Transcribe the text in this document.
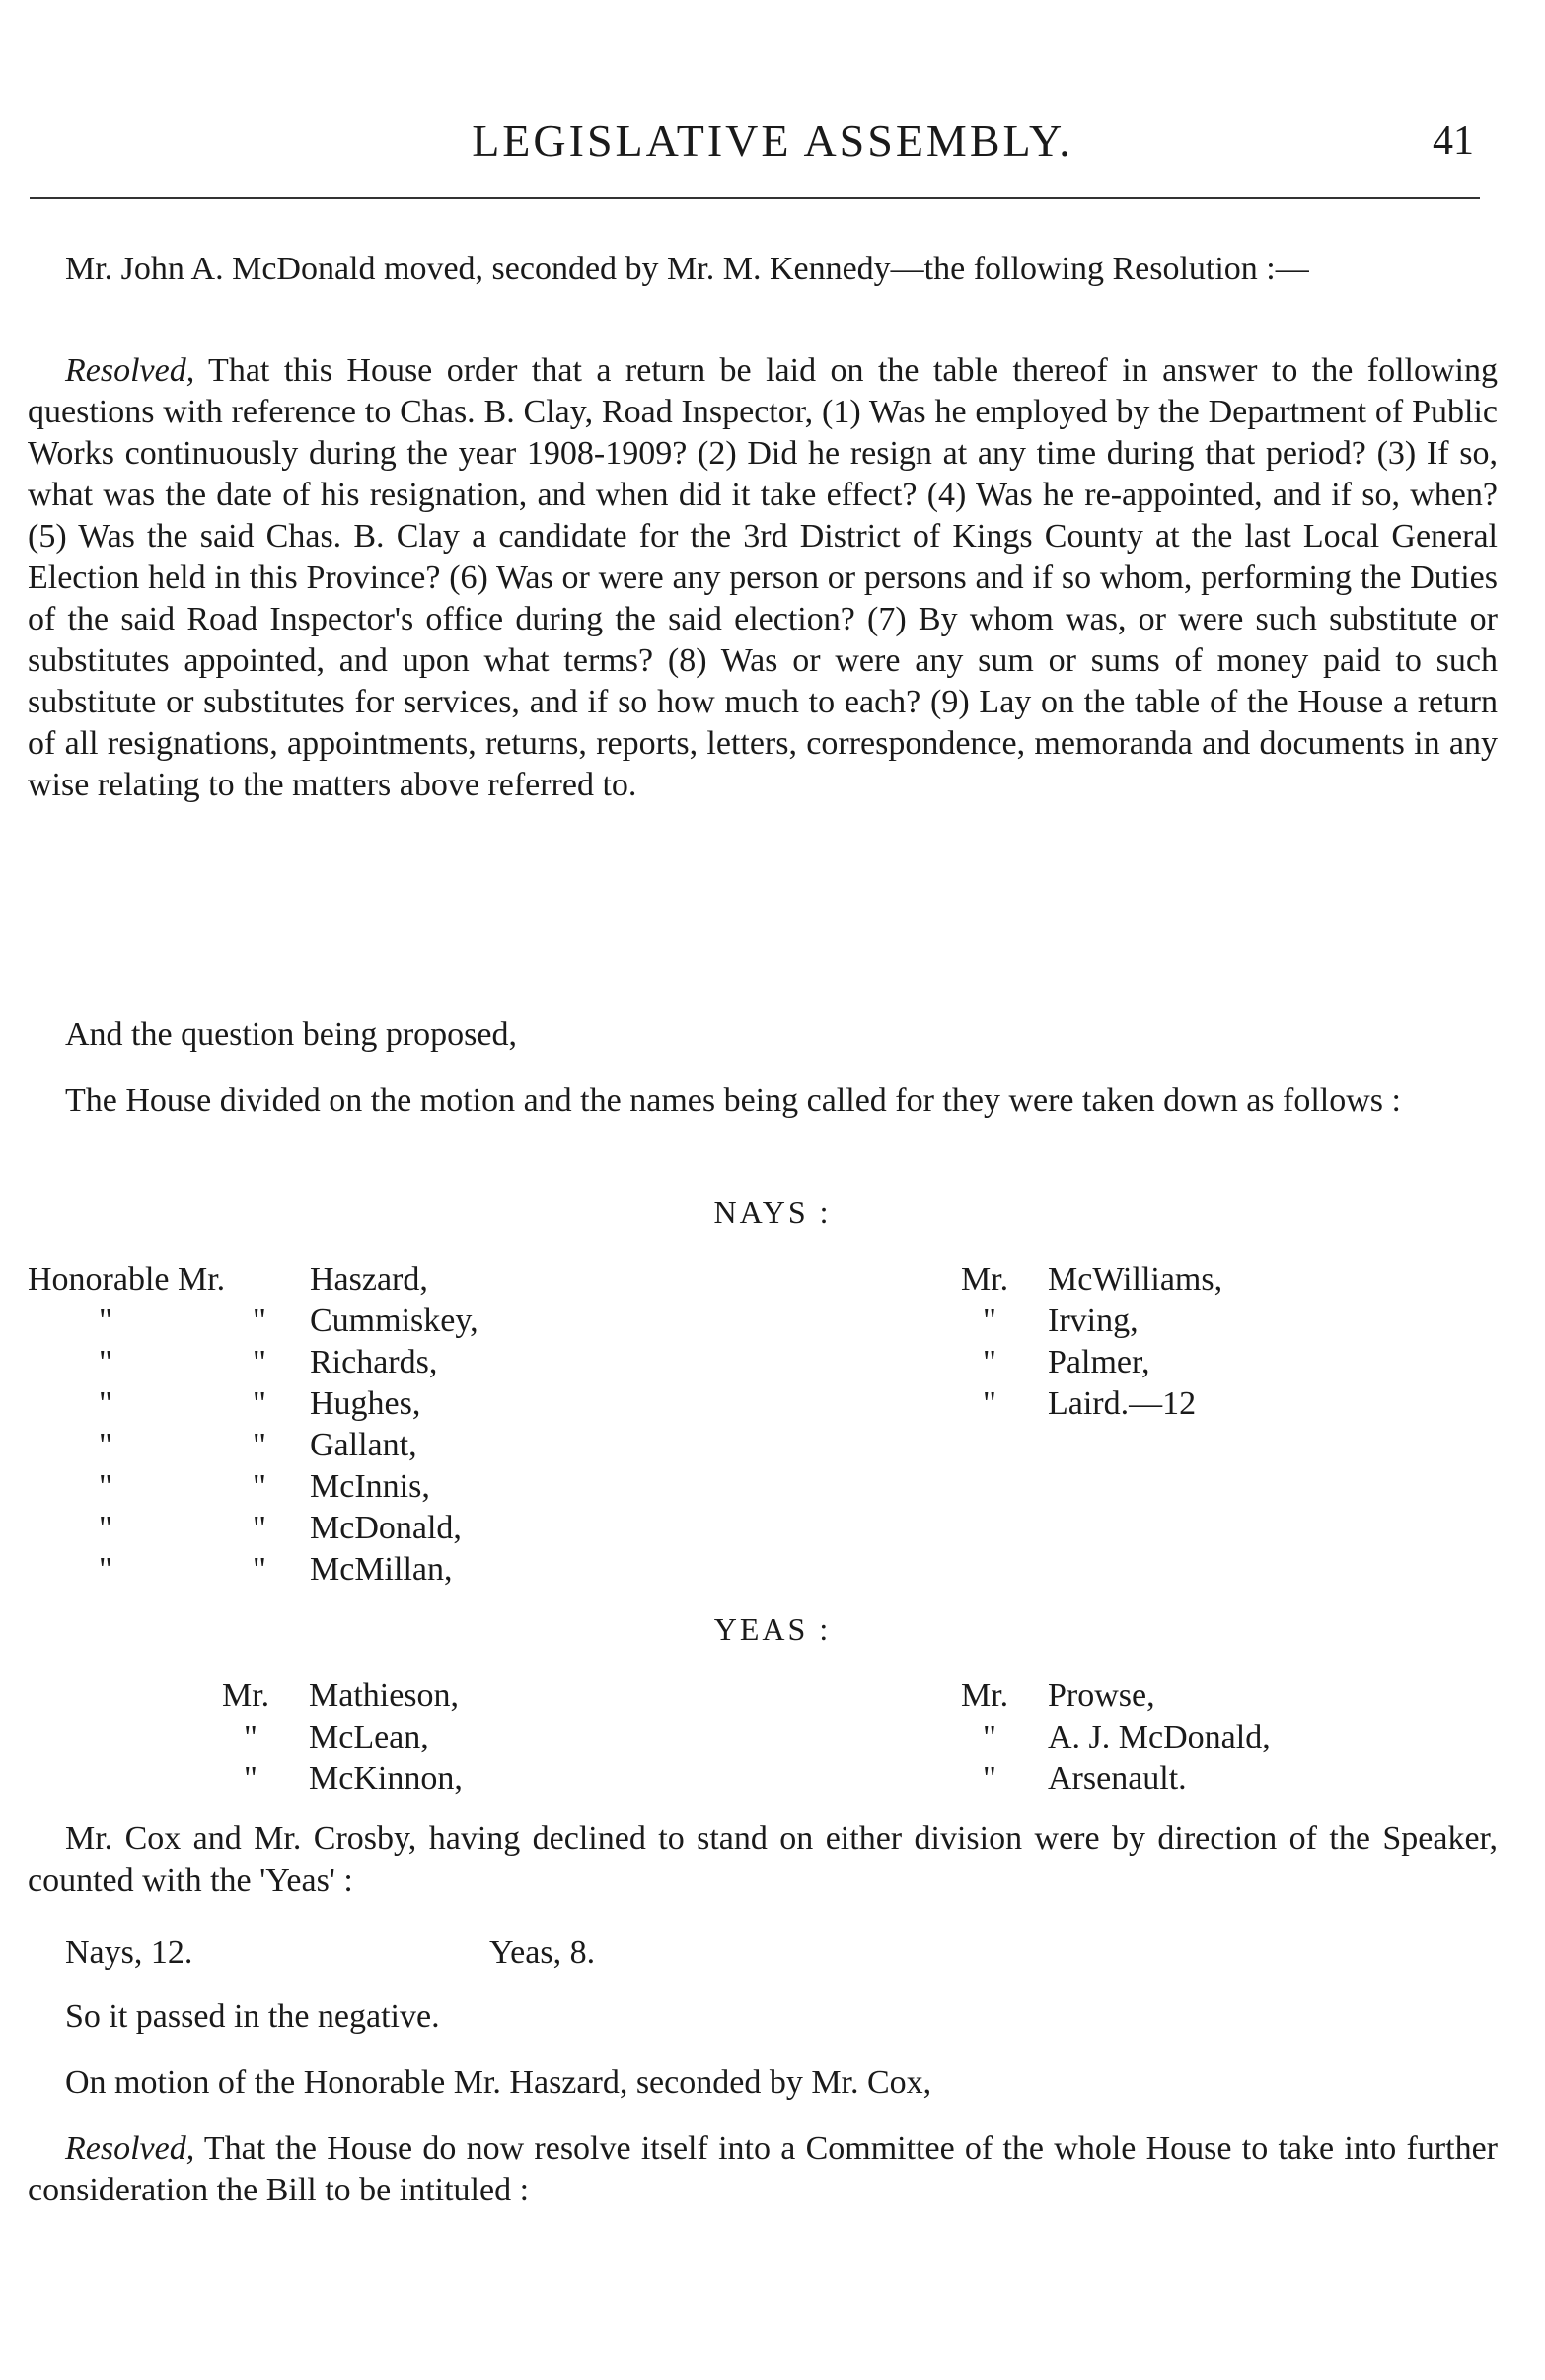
LEGISLATIVE ASSEMBLY.	41

Mr. John A. McDonald moved, seconded by Mr. M. Kennedy—the following Resolution :—

Resolved, That this House order that a return be laid on the table thereof in answer to the following questions with reference to Chas. B. Clay, Road Inspector, (1) Was he employed by the Department of Public Works continuously during the year 1908-1909? (2) Did he resign at any time during that period? (3) If so, what was the date of his resignation, and when did it take effect? (4) Was he re-appointed, and if so, when? (5) Was the said Chas. B. Clay a candidate for the 3rd District of Kings County at the last Local General Election held in this Province? (6) Was or were any person or persons and if so whom, performing the Duties of the said Road Inspector's office during the said election? (7) By whom was, or were such substitute or substitutes appointed, and upon what terms? (8) Was or were any sum or sums of money paid to such substitute or substitutes for services, and if so how much to each? (9) Lay on the table of the House a return of all resignations, appointments, returns, reports, letters, correspondence, memoranda and documents in any wise relating to the matters above referred to.

And the question being proposed,

The House divided on the motion and the names being called for they were taken down as follows :

NAYS :
Honorable Mr.	Haszard,
"	" Cummiskey,
"	" Richards,
"	" Hughes,
"	" Gallant,
"	" McInnis,
"	" McDonald,
"	" McMillan,
Mr. McWilliams,
" Irving,
" Palmer,
" Laird.—12
YEAS :
Mr. Mathieson,
" McLean,
" McKinnon,
Mr. Prowse,
" A. J. McDonald,
" Arsenault.

Mr. Cox and Mr. Crosby, having declined to stand on either division were by direction of the Speaker, counted with the 'Yeas' :

Nays, 12.	Yeas, 8.

So it passed in the negative.

On motion of the Honorable Mr. Haszard, seconded by Mr. Cox,

Resolved, That the House do now resolve itself into a Committee of the whole House to take into further consideration the Bill to be intituled :
